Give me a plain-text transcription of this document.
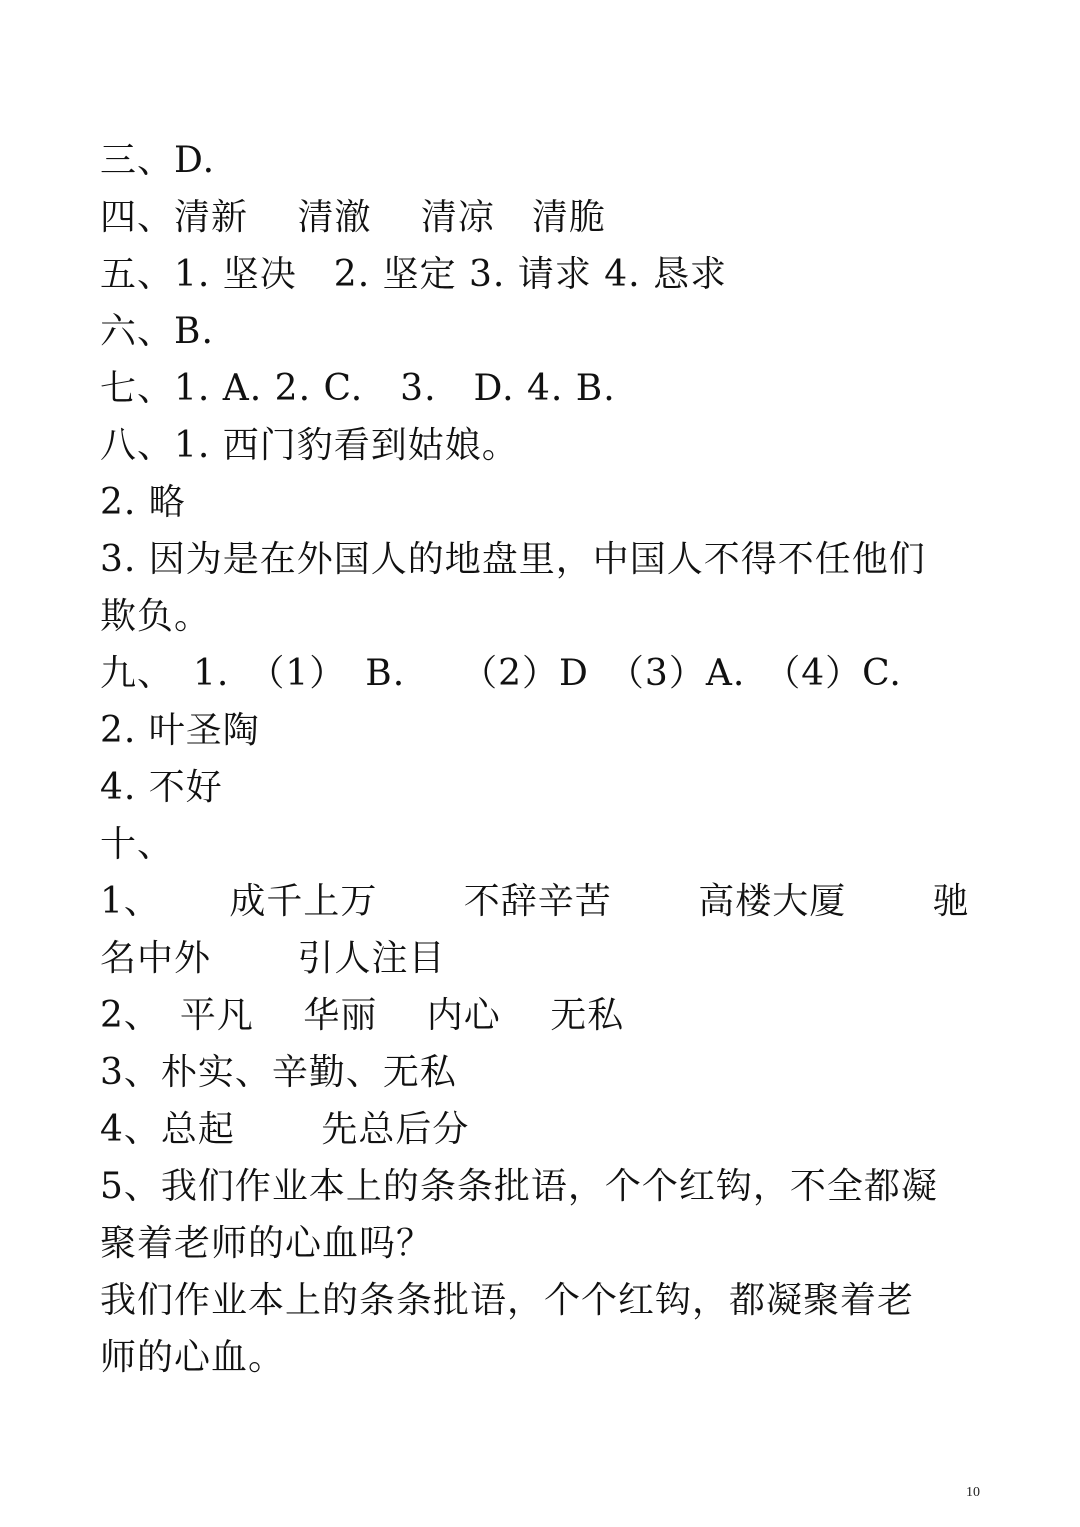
三、D.
四、清新　 清澈　 清凉　清脆
五、1. 坚决　2. 坚定 3. 请求 4. 恳求
六、B.
七、1. A. 2. C.　3.　D. 4. B.
八、1. 西门豹看到姑娘。
2. 略
3. 因为是在外国人的地盘里，中国人不得不任他们
欺负。
九、　1.　（1）　B.　　（2）D　（3）A.　（4）C.
2. 叶圣陶
4. 不好
十、
1、　　 成千上万　　 不辞辛苦　　 高楼大厦　　 驰
名中外　　 引人注目
2、　平凡　 华丽　 内心　 无私
3、朴实、辛勤、无私
4、总起　　 先总后分
5、我们作业本上的条条批语，个个红钩，不全都凝
聚着老师的心血吗？
我们作业本上的条条批语，个个红钩，都凝聚着老
师的心血。
10
